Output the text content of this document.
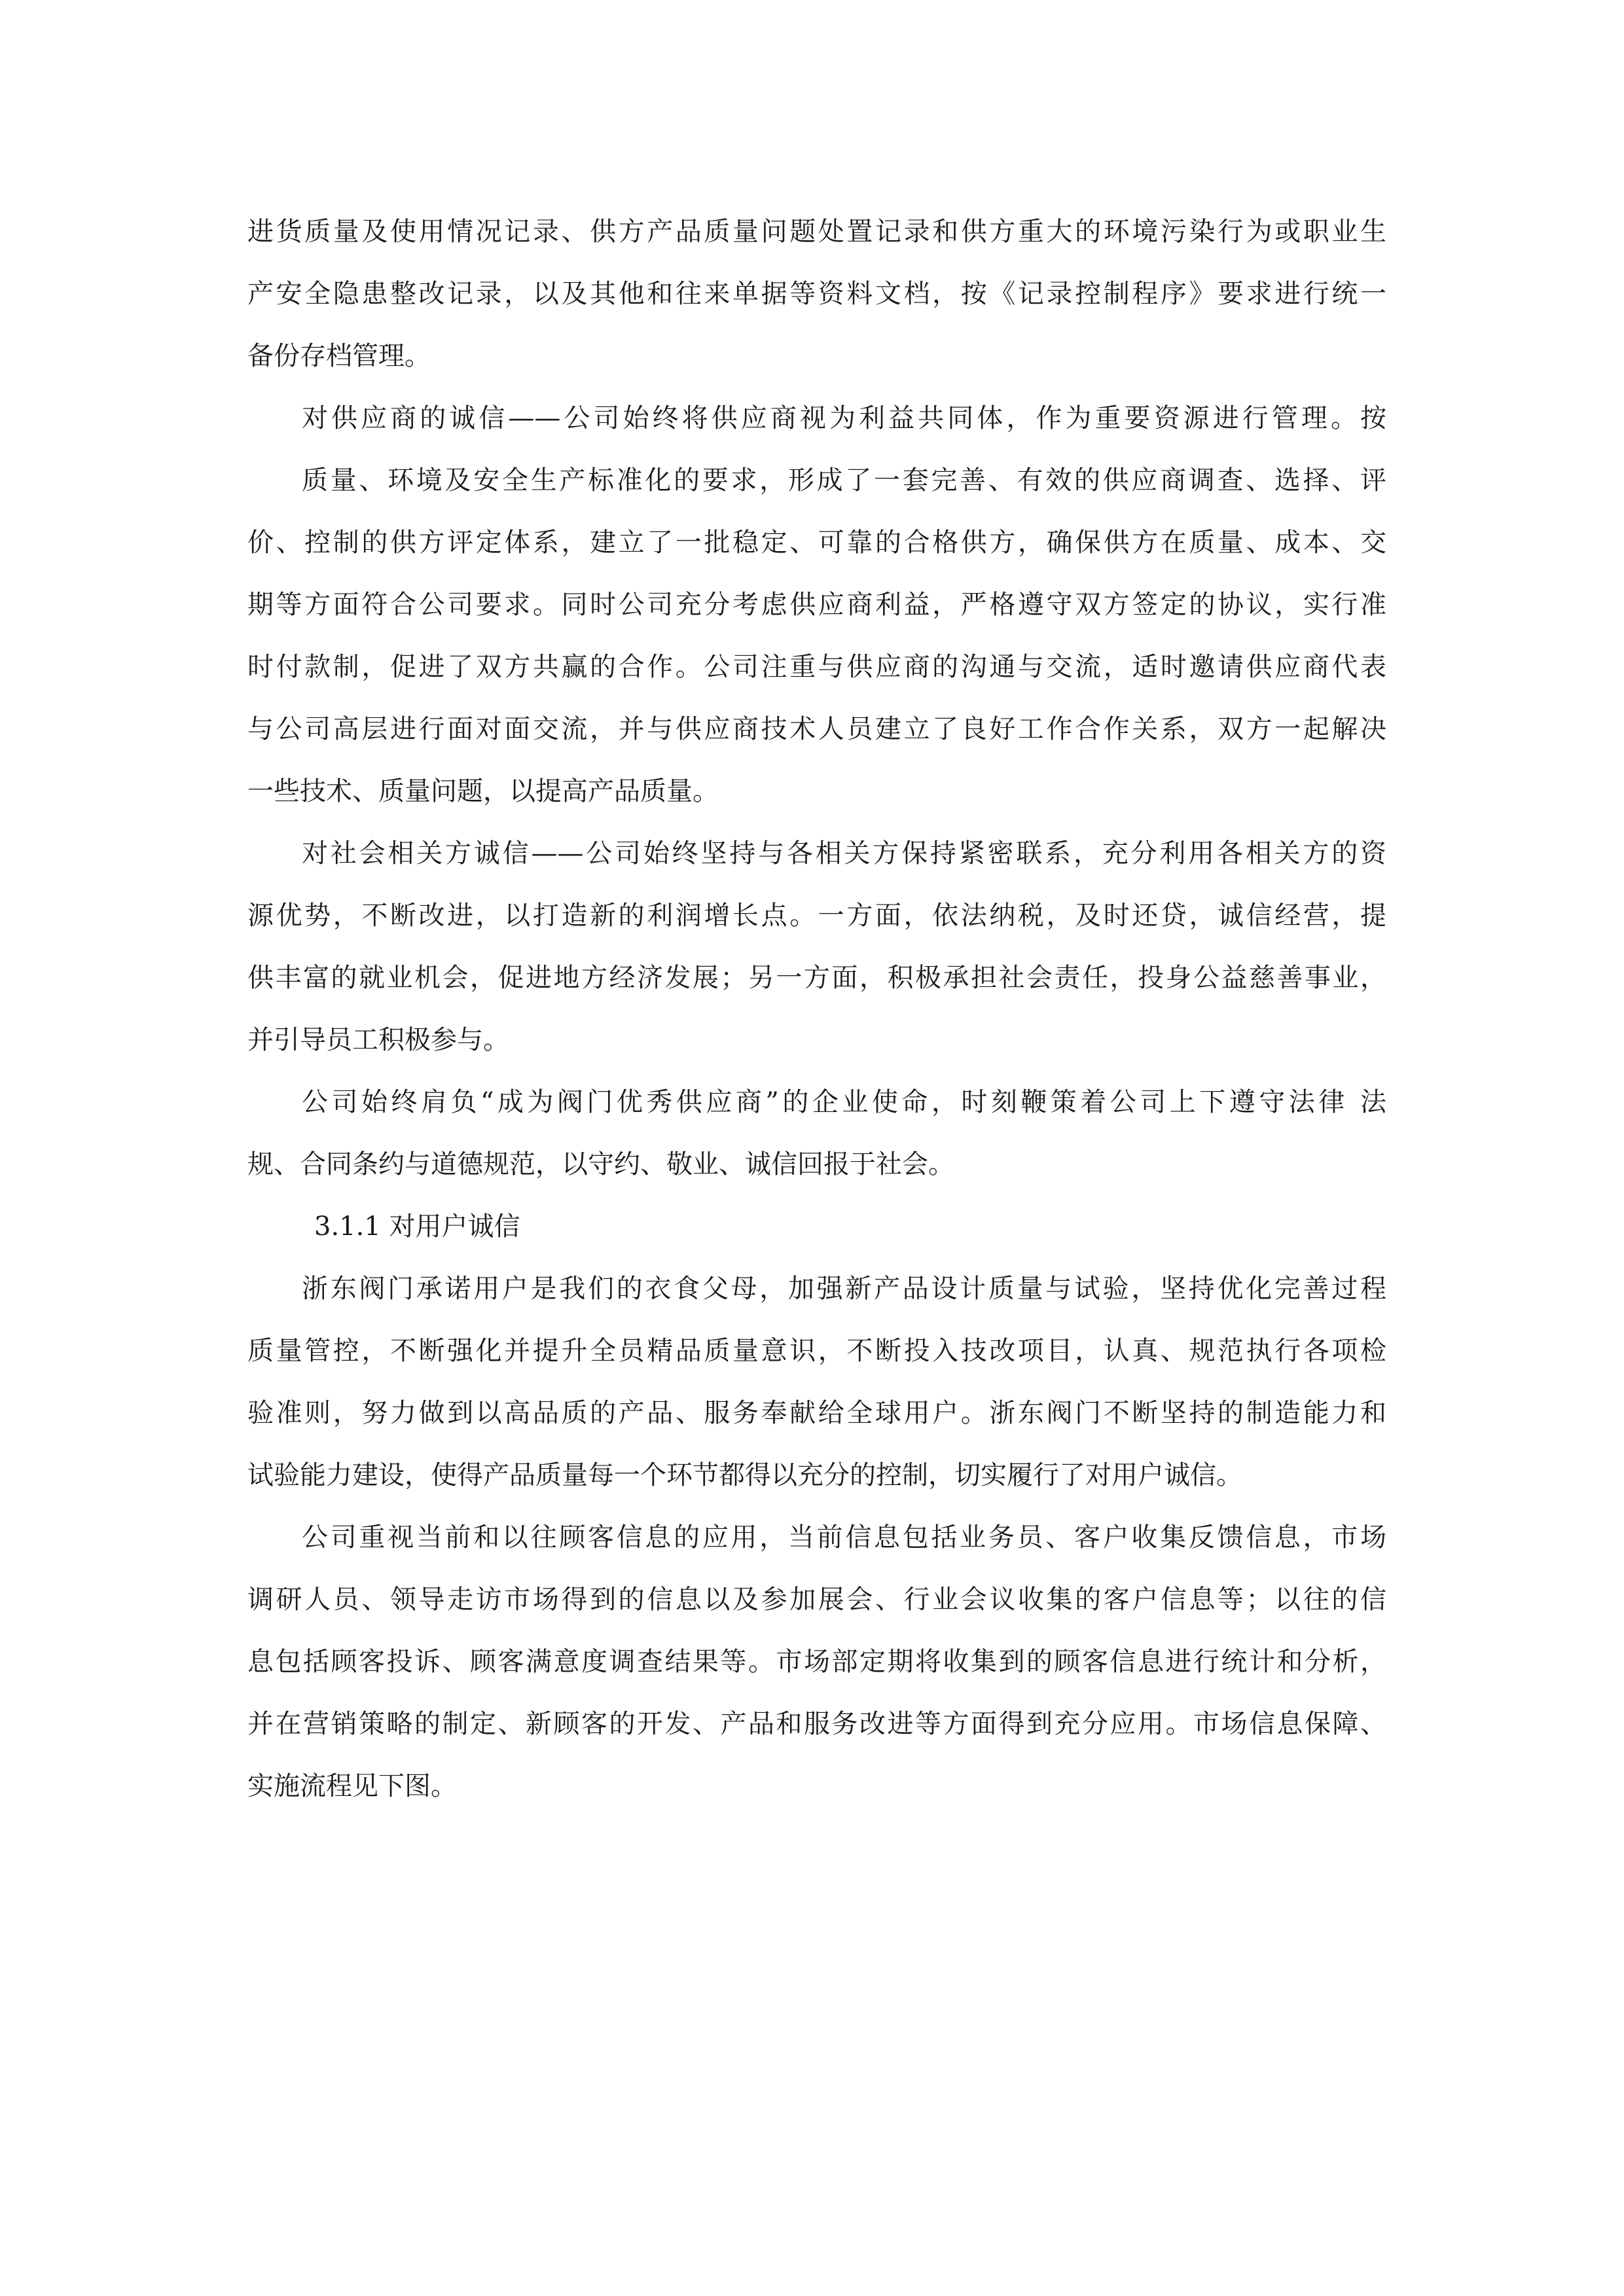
进货质量及使用情况记录、供方产品质量问题处置记录和供方重大的环境污染行为或职业生
产安全隐患整改记录，以及其他和往来单据等资料文档，按《记录控制程序》要求进行统一
备份存档管理。
对供应商的诚信——公司始终将供应商视为利益共同体，作为重要资源进行管理。按
质量、环境及安全生产标准化的要求，形成了一套完善、有效的供应商调查、选择、评
价、控制的供方评定体系，建立了一批稳定、可靠的合格供方，确保供方在质量、成本、交
期等方面符合公司要求。同时公司充分考虑供应商利益，严格遵守双方签定的协议，实行准
时付款制，促进了双方共赢的合作。公司注重与供应商的沟通与交流，适时邀请供应商代表
与公司高层进行面对面交流，并与供应商技术人员建立了良好工作合作关系，双方一起解决
一些技术、质量问题，以提高产品质量。
对社会相关方诚信——公司始终坚持与各相关方保持紧密联系，充分利用各相关方的资
源优势，不断改进，以打造新的利润增长点。一方面，依法纳税，及时还贷，诚信经营，提
供丰富的就业机会，促进地方经济发展；另一方面，积极承担社会责任，投身公益慈善事业，
并引导员工积极参与。
公司始终肩负“成为阀门优秀供应商”的企业使命，时刻鞭策着公司上下遵守法律 法
规、合同条约与道德规范，以守约、敬业、诚信回报于社会。
3.1.1 对用户诚信
浙东阀门承诺用户是我们的衣食父母，加强新产品设计质量与试验，坚持优化完善过程
质量管控，不断强化并提升全员精品质量意识，不断投入技改项目，认真、规范执行各项检
验准则，努力做到以高品质的产品、服务奉献给全球用户。浙东阀门不断坚持的制造能力和
试验能力建设，使得产品质量每一个环节都得以充分的控制，切实履行了对用户诚信。
公司重视当前和以往顾客信息的应用，当前信息包括业务员、客户收集反馈信息，市场
调研人员、领导走访市场得到的信息以及参加展会、行业会议收集的客户信息等；以往的信
息包括顾客投诉、顾客满意度调查结果等。市场部定期将收集到的顾客信息进行统计和分析，
并在营销策略的制定、新顾客的开发、产品和服务改进等方面得到充分应用。市场信息保障、
实施流程见下图。
